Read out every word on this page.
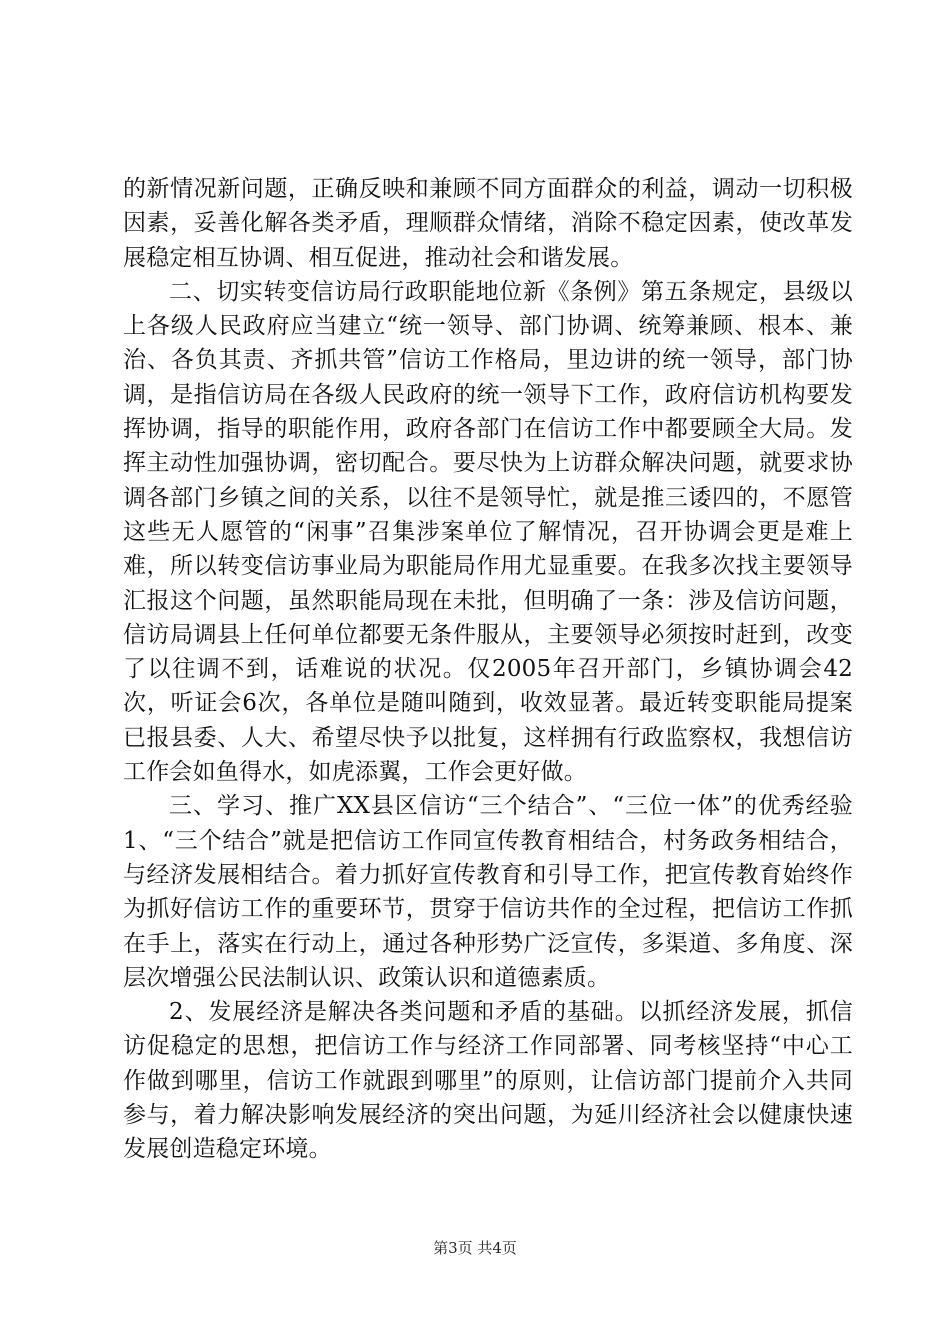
的新情况新问题，正确反映和兼顾不同方面群众的利益，调动一切积极因素，妥善化解各类矛盾，理顺群众情绪，消除不稳定因素，使改革发展稳定相互协调、相互促进，推动社会和谐发展。

二、切实转变信访局行政职能地位新《条例》第五条规定，县级以上各级人民政府应当建立“统一领导、部门协调、统筹兼顾、根本、兼治、各负其责、齐抓共管”信访工作格局，里边讲的统一领导，部门协调，是指信访局在各级人民政府的统一领导下工作，政府信访机构要发挥协调，指导的职能作用，政府各部门在信访工作中都要顾全大局。发挥主动性加强协调，密切配合。要尽快为上访群众解决问题，就要求协调各部门乡镇之间的关系，以往不是领导忙，就是推三诿四的，不愿管这些无人愿管的“闲事”召集涉案单位了解情况，召开协调会更是难上难，所以转变信访事业局为职能局作用尤显重要。在我多次找主要领导汇报这个问题，虽然职能局现在未批，但明确了一条：涉及信访问题，信访局调县上任何单位都要无条件服从，主要领导必须按时赶到，改变了以往调不到，话难说的状况。仅2005年召开部门，乡镇协调会42次，听证会6次，各单位是随叫随到，收效显著。最近转变职能局提案已报县委、人大、希望尽快予以批复，这样拥有行政监察权，我想信访工作会如鱼得水，如虎添翼，工作会更好做。

三、学习、推广XX县区信访“三个结合”、“三位一体”的优秀经验1、“三个结合”就是把信访工作同宣传教育相结合，村务政务相结合，与经济发展相结合。着力抓好宣传教育和引导工作，把宣传教育始终作为抓好信访工作的重要环节，贯穿于信访共作的全过程，把信访工作抓在手上，落实在行动上，通过各种形势广泛宣传，多渠道、多角度、深层次增强公民法制认识、政策认识和道德素质。

2、发展经济是解决各类问题和矛盾的基础。以抓经济发展，抓信访促稳定的思想，把信访工作与经济工作同部署、同考核坚持“中心工作做到哪里，信访工作就跟到哪里”的原则，让信访部门提前介入共同参与，着力解决影响发展经济的突出问题，为延川经济社会以健康快速发展创造稳定环境。

第3页 共4页
